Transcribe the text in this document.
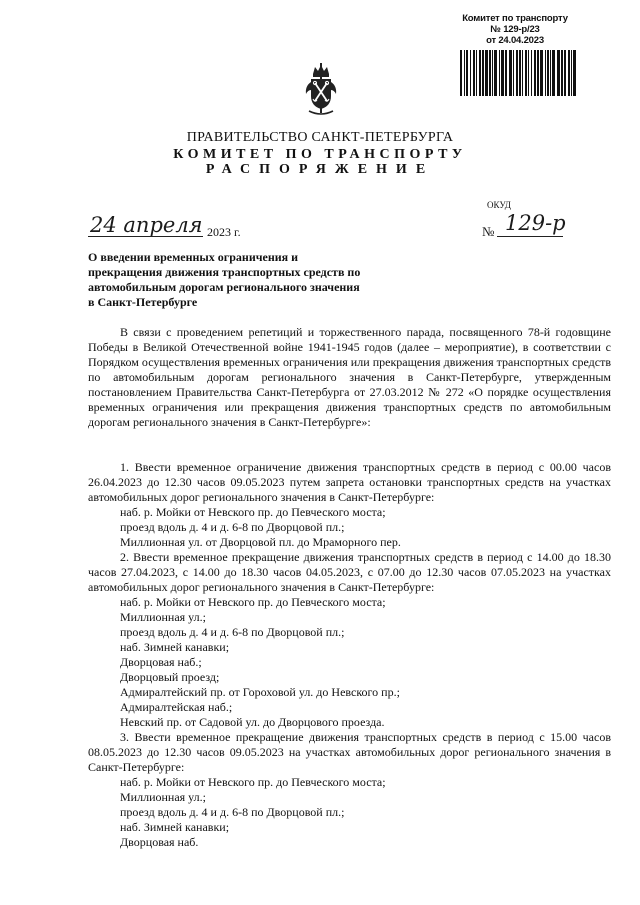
Комитет по транспорту
№ 129-р/23
от 24.04.2023
ПРАВИТЕЛЬСТВО САНКТ-ПЕТЕРБУРГА
КОМИТЕТ ПО ТРАНСПОРТУ
РАСПОРЯЖЕНИЕ
ОКУД
24 апреля 2023 г.	№ 129-р
О введении временных ограничения и прекращения движения транспортных средств по автомобильным дорогам регионального значения в Санкт-Петербурге
В связи с проведением репетиций и торжественного парада, посвященного 78-й годовщине Победы в Великой Отечественной войне 1941-1945 годов (далее – мероприятие), в соответствии с Порядком осуществления временных ограничения или прекращения движения транспортных средств по автомобильным дорогам регионального значения в Санкт-Петербурге, утвержденным постановлением Правительства Санкт-Петербурга от 27.03.2012 № 272 «О порядке осуществления временных ограничения или прекращения движения транспортных средств по автомобильным дорогам регионального значения в Санкт-Петербурге»:
1. Ввести временное ограничение движения транспортных средств в период с 00.00 часов 26.04.2023 до 12.30 часов 09.05.2023 путем запрета остановки транспортных средств на участках автомобильных дорог регионального значения в Санкт-Петербурге:
наб. р. Мойки от Невского пр. до Певческого моста;
проезд вдоль д. 4 и д. 6-8 по Дворцовой пл.;
Миллионная ул. от Дворцовой пл. до Мраморного пер.
2. Ввести временное прекращение движения транспортных средств в период с 14.00 до 18.30 часов 27.04.2023, с 14.00 до 18.30 часов 04.05.2023, с 07.00 до 12.30 часов 07.05.2023 на участках автомобильных дорог регионального значения в Санкт-Петербурге:
наб. р. Мойки от Невского пр. до Певческого моста;
Миллионная ул.;
проезд вдоль д. 4 и д. 6-8 по Дворцовой пл.;
наб. Зимней канавки;
Дворцовая наб.;
Дворцовый проезд;
Адмиралтейский пр. от Гороховой ул. до Невского пр.;
Адмиралтейская наб.;
Невский пр. от Садовой ул. до Дворцового проезда.
3. Ввести временное прекращение движения транспортных средств в период с 15.00 часов 08.05.2023 до 12.30 часов 09.05.2023 на участках автомобильных дорог регионального значения в Санкт-Петербурге:
наб. р. Мойки от Невского пр. до Певческого моста;
Миллионная ул.;
проезд вдоль д. 4 и д. 6-8 по Дворцовой пл.;
наб. Зимней канавки;
Дворцовая наб.
